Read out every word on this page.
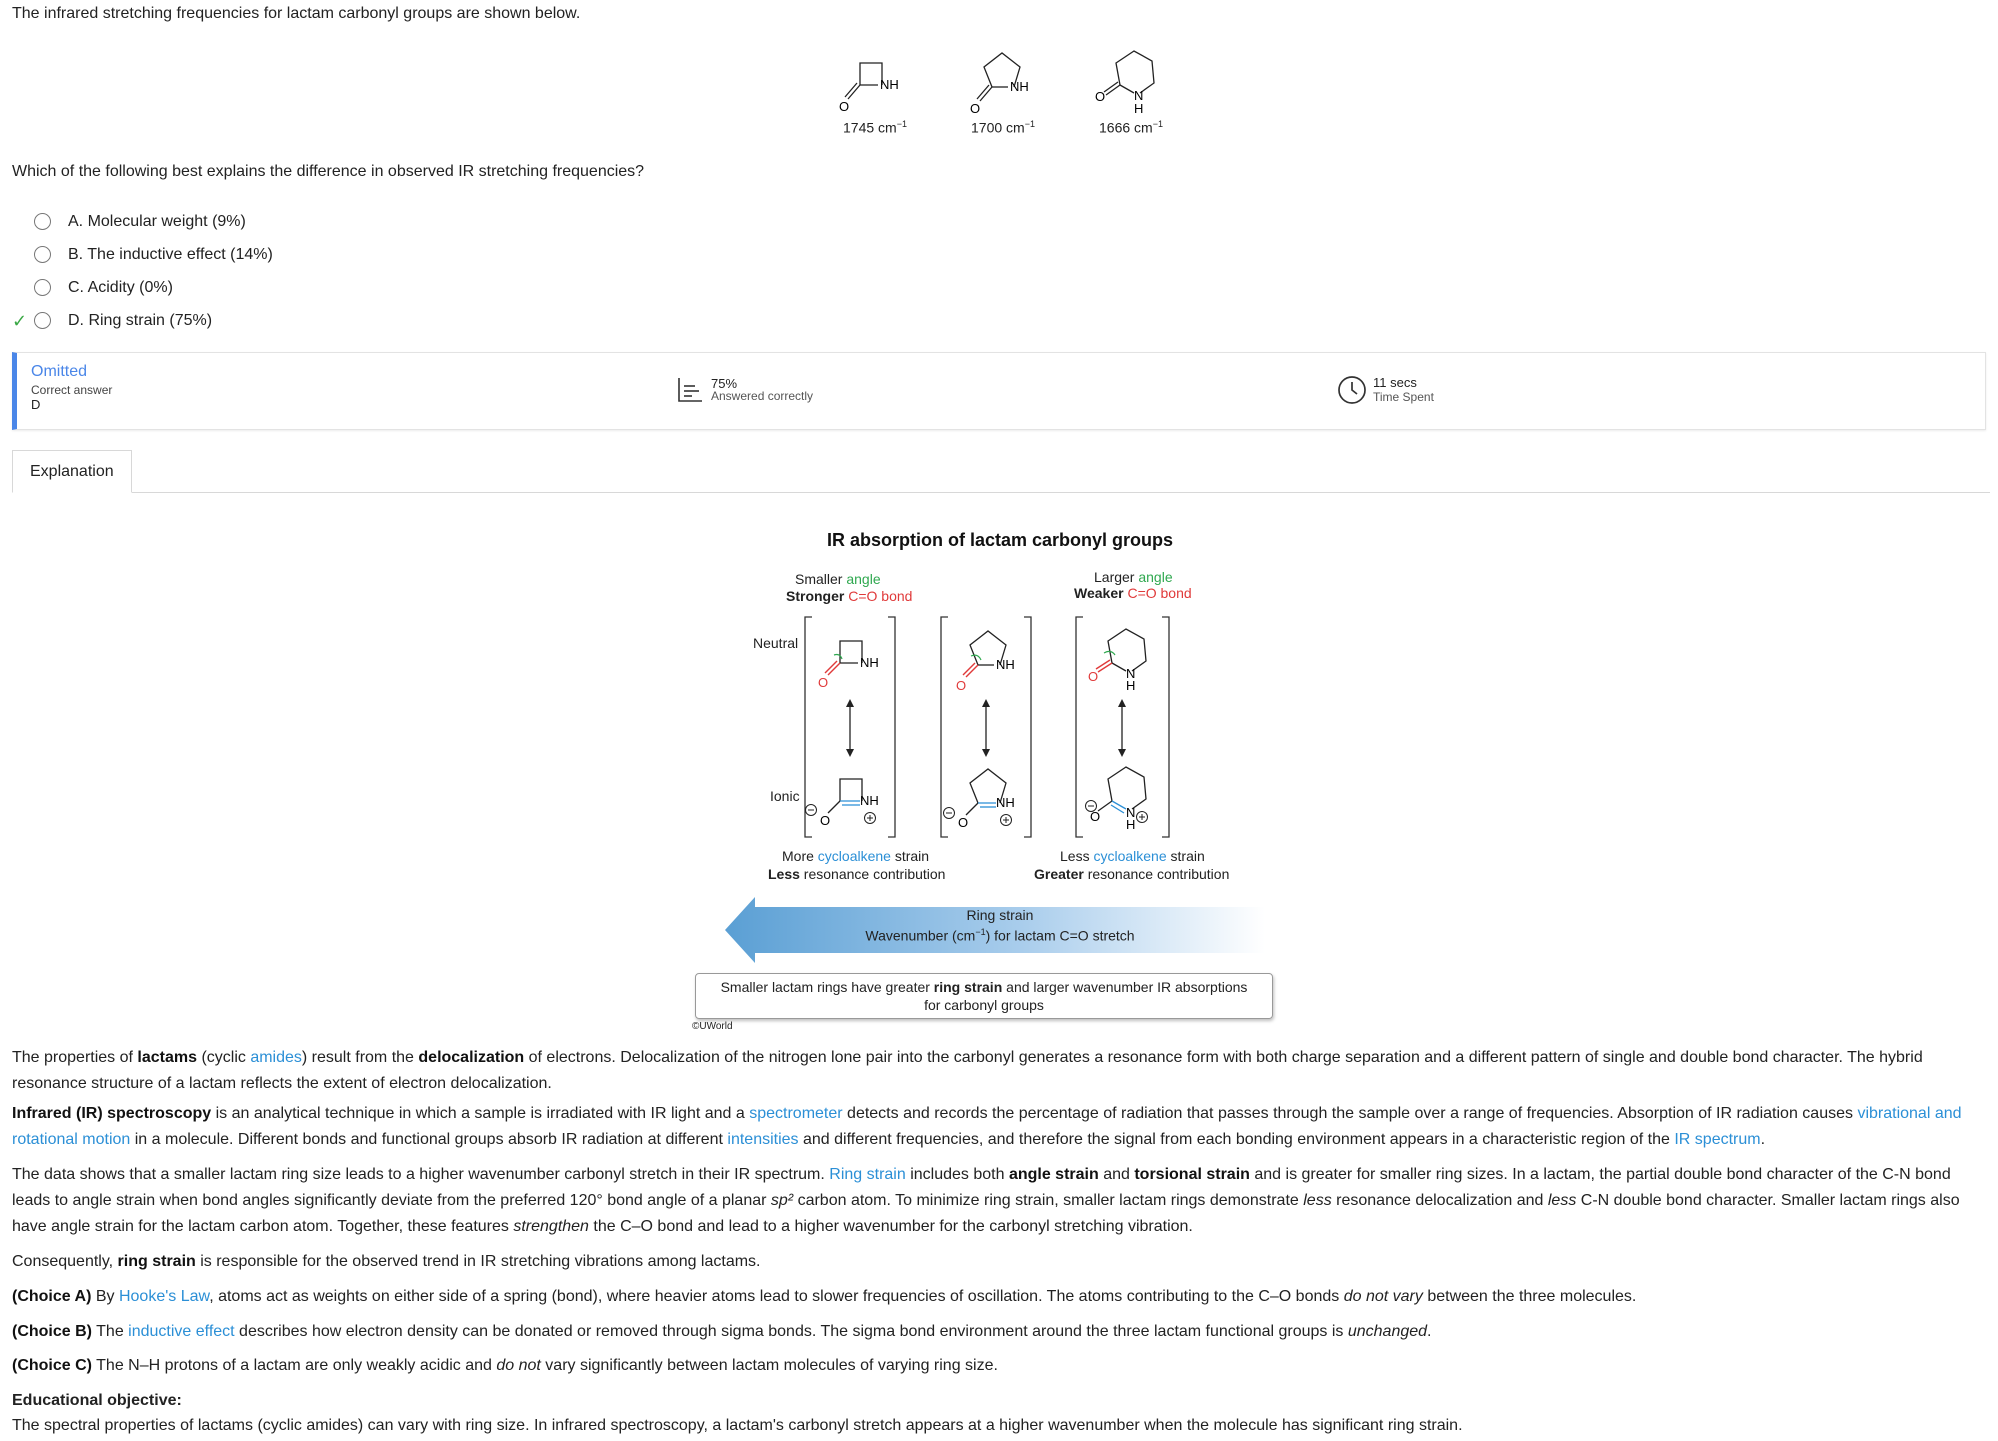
The infrared stretching frequencies for lactam carbonyl groups are shown below.
NH
O
1745 $cm^{-1}$
NH
O
1700 $cm^{-1}$
N
H
O
1666 $cm^{-1}$
Which of the following best explains the difference in observed IR stretching frequencies?
A. Molecular weight (9%)
B. The inductive effect (14%)
C. Acidity (0%)
✓	D. Ring strain (75%)
Omitted
Correct answer
D
75%
Answered correctly
11 secs
Time Spent
Explanation
IR absorption of lactam carbonyl groups
Smaller angle
Stronger C=O bond
Larger angle
Weaker C=O bond
Neutral
Ionic
NH
O
NH
O
N
H
O
NH
O
NH
O
N
H
O
More cycloalkene strain
Less resonance contribution
Less cycloalkene strain
Greater resonance contribution
Ring strain
Wavenumber $(cm^{-1})$ for lactam C=O stretch
Smaller lactam rings have greater ring strain and larger wavenumber IR absorptions
for carbonyl groups
©UWorld
The properties of lactams (cyclic amides) result from the delocalization of electrons. Delocalization of the nitrogen lone pair into the carbonyl generates a resonance form with both charge separation and a different pattern of single and double bond character. The hybrid resonance structure of a lactam reflects the extent of electron delocalization.
Infrared (IR) spectroscopy is an analytical technique in which a sample is irradiated with IR light and a spectrometer detects and records the percentage of radiation that passes through the sample over a range of frequencies. Absorption of IR radiation causes vibrational and rotational motion in a molecule. Different bonds and functional groups absorb IR radiation at different intensities and different frequencies, and therefore the signal from each bonding environment appears in a characteristic region of the IR spectrum.
The data shows that a smaller lactam ring size leads to a higher wavenumber carbonyl stretch in their IR spectrum. Ring strain includes both angle strain and torsional strain and is greater for smaller ring sizes. In a lactam, the partial double bond character of the C-N bond leads to angle strain when bond angles significantly deviate from the preferred 120° bond angle of a planar sp² carbon atom. To minimize ring strain, smaller lactam rings demonstrate less resonance delocalization and less C-N double bond character. Smaller lactam rings also have angle strain for the lactam carbon atom. Together, these features strengthen the C–O bond and lead to a higher wavenumber for the carbonyl stretching vibration.
Consequently, ring strain is responsible for the observed trend in IR stretching vibrations among lactams.
(Choice A) By Hooke's Law, atoms act as weights on either side of a spring (bond), where heavier atoms lead to slower frequencies of oscillation. The atoms contributing to the C–O bonds do not vary between the three molecules.
(Choice B) The inductive effect describes how electron density can be donated or removed through sigma bonds. The sigma bond environment around the three lactam functional groups is unchanged.
(Choice C) The N–H protons of a lactam are only weakly acidic and do not vary significantly between lactam molecules of varying ring size.
Educational objective:
The spectral properties of lactams (cyclic amides) can vary with ring size. In infrared spectroscopy, a lactam's carbonyl stretch appears at a higher wavenumber when the molecule has significant ring strain.
